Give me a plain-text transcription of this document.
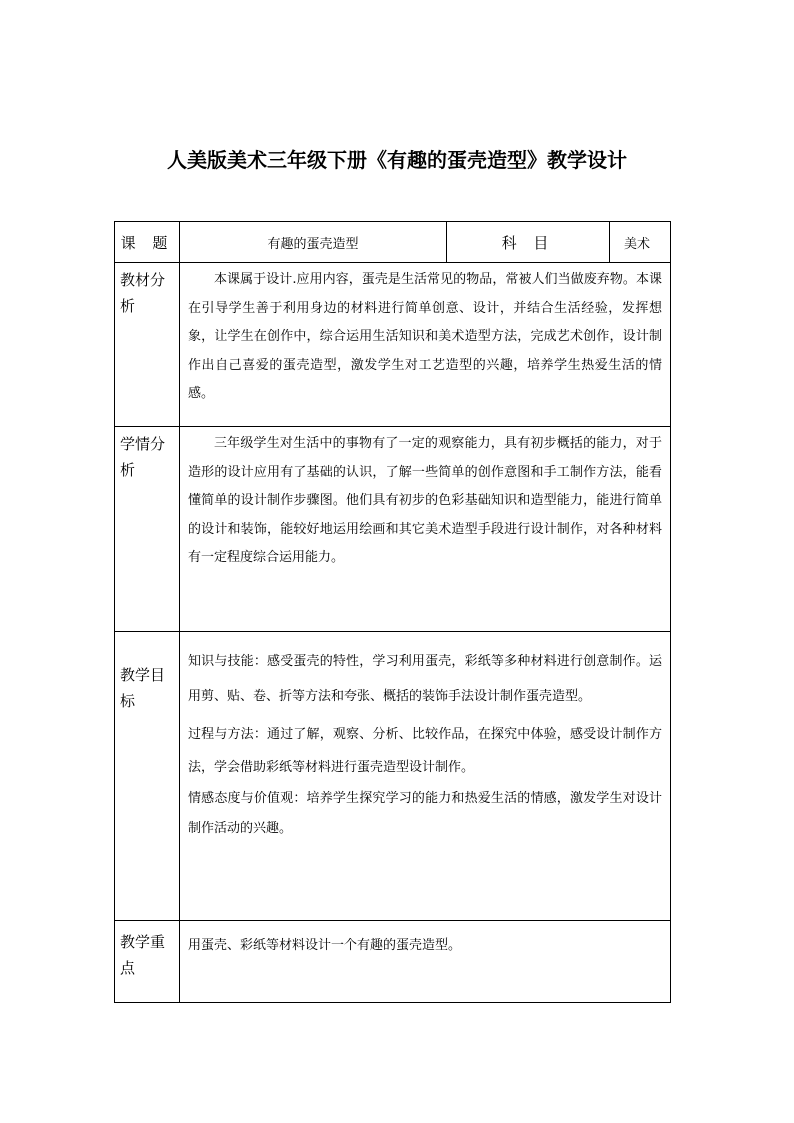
人美版美术三年级下册《有趣的蛋壳造型》教学设计
课 题	有趣的蛋壳造型	科 目	美术
教材分析	本课属于设计.应用内容，蛋壳是生活常见的物品，常被人们当做废弃物。本课在引导学生善于利用身边的材料进行简单创意、设计，并结合生活经验，发挥想象，让学生在创作中，综合运用生活知识和美术造型方法，完成艺术创作，设计制作出自己喜爱的蛋壳造型，激发学生对工艺造型的兴趣，培养学生热爱生活的情感。		

学情分析	三年级学生对生活中的事物有了一定的观察能力，具有初步概括的能力，对于造形的设计应用有了基础的认识，了解一些简单的创作意图和手工制作方法，能看懂简单的设计制作步骤图。他们具有初步的色彩基础知识和造型能力，能进行简单的设计和装饰，能较好地运用绘画和其它美术造型手段进行设计制作，对各种材料有一定程度综合运用能力。		

教学目标	知识与技能：感受蛋壳的特性，学习利用蛋壳，彩纸等多种材料进行创意制作。运用剪、贴、卷、折等方法和夸张、概括的装饰手法设计制作蛋壳造型。

过程与方法：通过了解，观察、分析、比较作品，在探究中体验，感受设计制作方法，学会借助彩纸等材料进行蛋壳造型设计制作。

情感态度与价值观：培养学生探究学习的能力和热爱生活的情感，激发学生对设计制作活动的兴趣。		

教学重点	用蛋壳、彩纸等材料设计一个有趣的蛋壳造型。		
